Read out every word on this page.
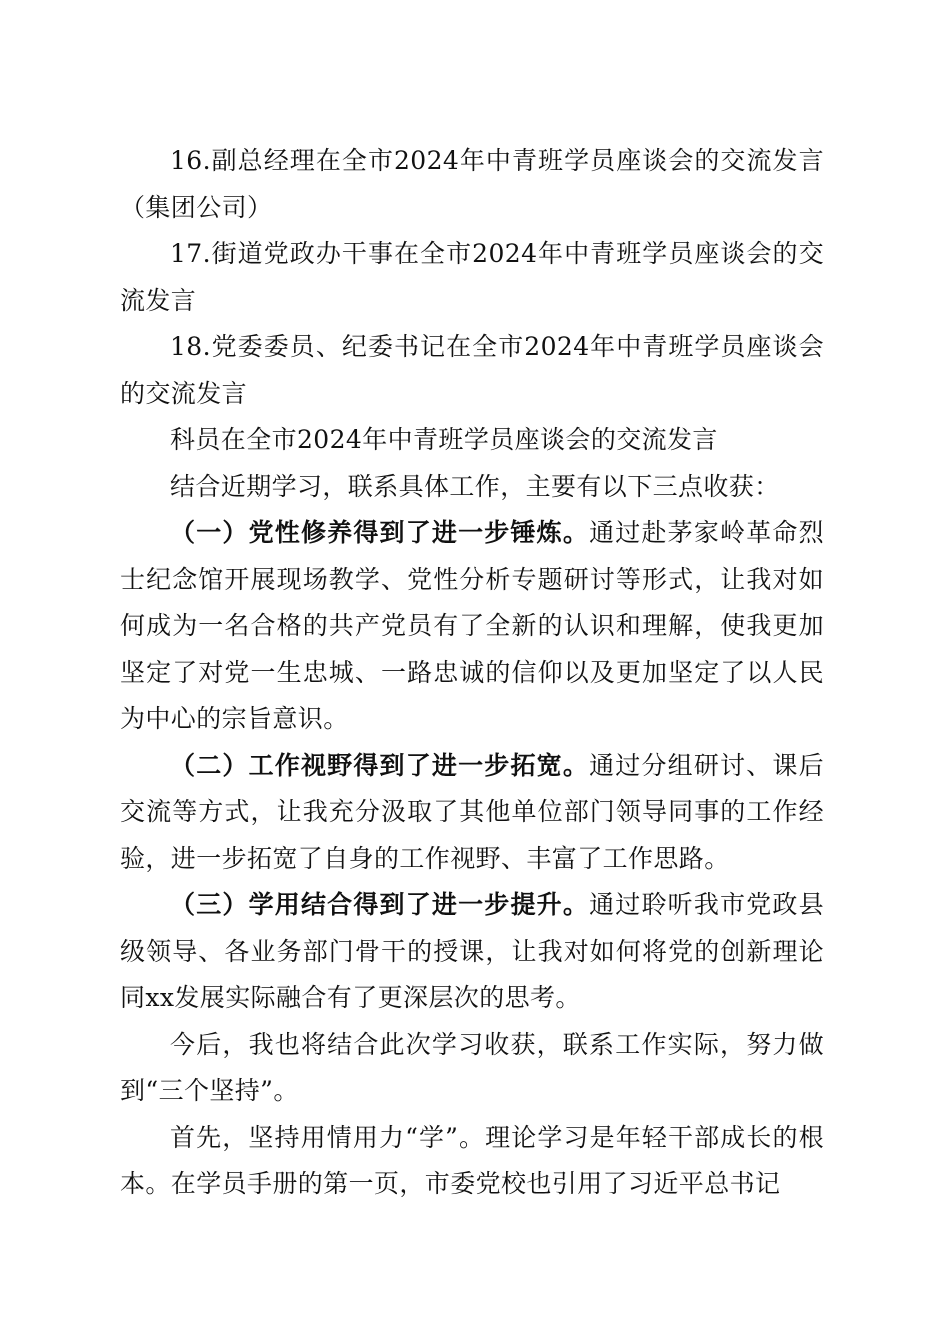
16.副总经理在全市2024年中青班学员座谈会的交流发言（集团公司）

17.街道党政办干事在全市2024年中青班学员座谈会的交流发言

18.党委委员、纪委书记在全市2024年中青班学员座谈会的交流发言

科员在全市2024年中青班学员座谈会的交流发言

结合近期学习，联系具体工作，主要有以下三点收获：

（一）党性修养得到了进一步锤炼。通过赴茅家岭革命烈士纪念馆开展现场教学、党性分析专题研讨等形式，让我对如何成为一名合格的共产党员有了全新的认识和理解，使我更加坚定了对党一生忠城、一路忠诚的信仰以及更加坚定了以人民为中心的宗旨意识。

（二）工作视野得到了进一步拓宽。通过分组研讨、课后交流等方式，让我充分汲取了其他单位部门领导同事的工作经验，进一步拓宽了自身的工作视野、丰富了工作思路。

（三）学用结合得到了进一步提升。通过聆听我市党政县级领导、各业务部门骨干的授课，让我对如何将党的创新理论同xx发展实际融合有了更深层次的思考。

今后，我也将结合此次学习收获，联系工作实际，努力做到“三个坚持”。

首先，坚持用情用力“学”。理论学习是年轻干部成长的根本。在学员手册的第一页，市委党校也引用了习近平总书记
